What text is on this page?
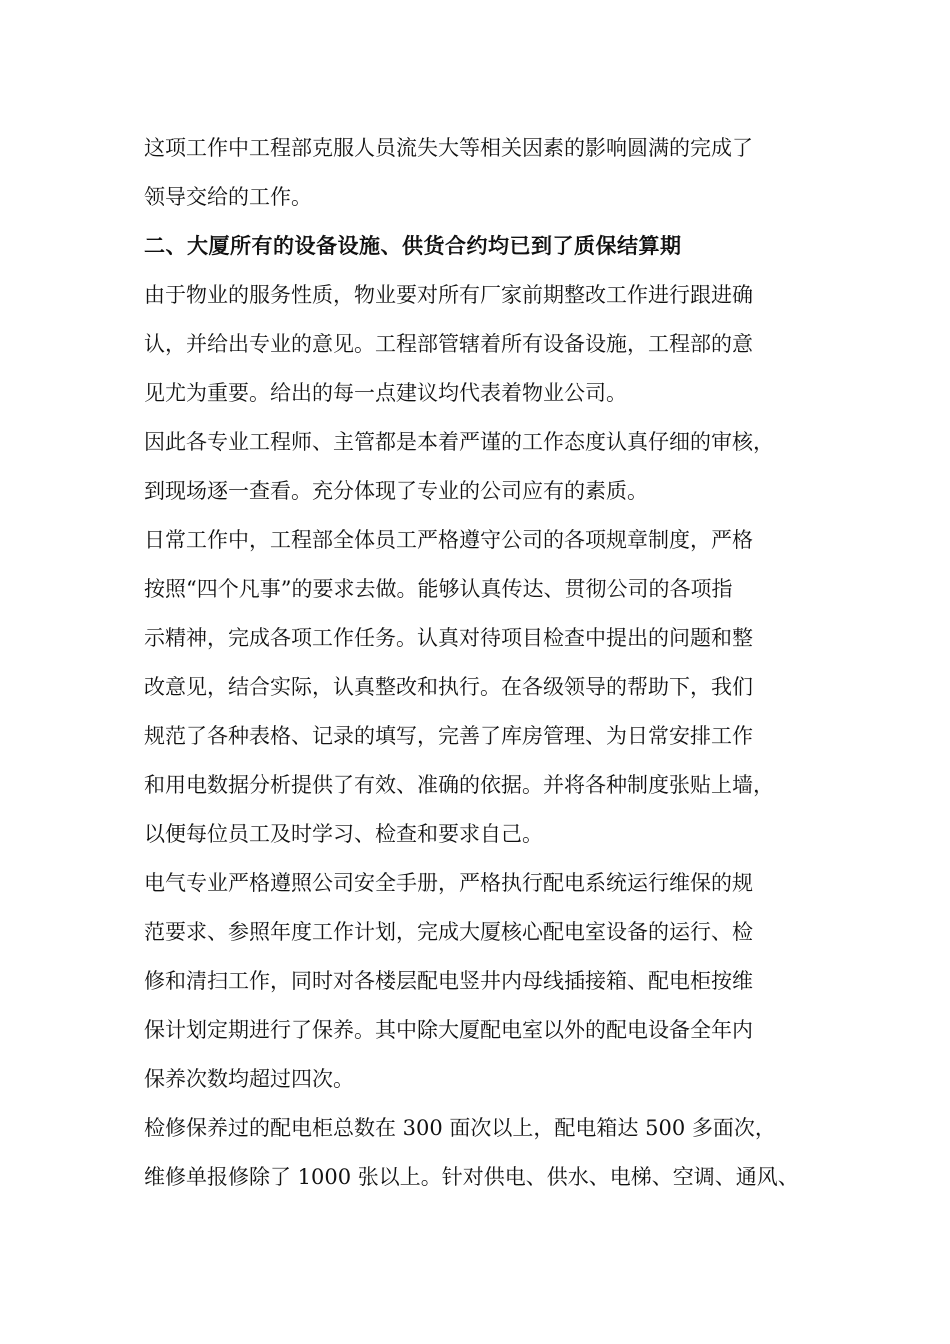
这项工作中工程部克服人员流失大等相关因素的影响圆满的完成了
领导交给的工作。
二、大厦所有的设备设施、供货合约均已到了质保结算期
由于物业的服务性质，物业要对所有厂家前期整改工作进行跟进确
认，并给出专业的意见。工程部管辖着所有设备设施，工程部的意
见尤为重要。给出的每一点建议均代表着物业公司。
因此各专业工程师、主管都是本着严谨的工作态度认真仔细的审核，
到现场逐一查看。充分体现了专业的公司应有的素质。
日常工作中，工程部全体员工严格遵守公司的各项规章制度，严格
按照“四个凡事”的要求去做。能够认真传达、贯彻公司的各项指
示精神，完成各项工作任务。认真对待项目检查中提出的问题和整
改意见，结合实际，认真整改和执行。在各级领导的帮助下，我们
规范了各种表格、记录的填写，完善了库房管理、为日常安排工作
和用电数据分析提供了有效、准确的依据。并将各种制度张贴上墙，
以便每位员工及时学习、检查和要求自己。
电气专业严格遵照公司安全手册，严格执行配电系统运行维保的规
范要求、参照年度工作计划，完成大厦核心配电室设备的运行、检
修和清扫工作，同时对各楼层配电竖井内母线插接箱、配电柜按维
保计划定期进行了保养。其中除大厦配电室以外的配电设备全年内
保养次数均超过四次。
检修保养过的配电柜总数在 300 面次以上，配电箱达 500 多面次，
维修单报修除了 1000 张以上。针对供电、供水、电梯、空调、通风、
